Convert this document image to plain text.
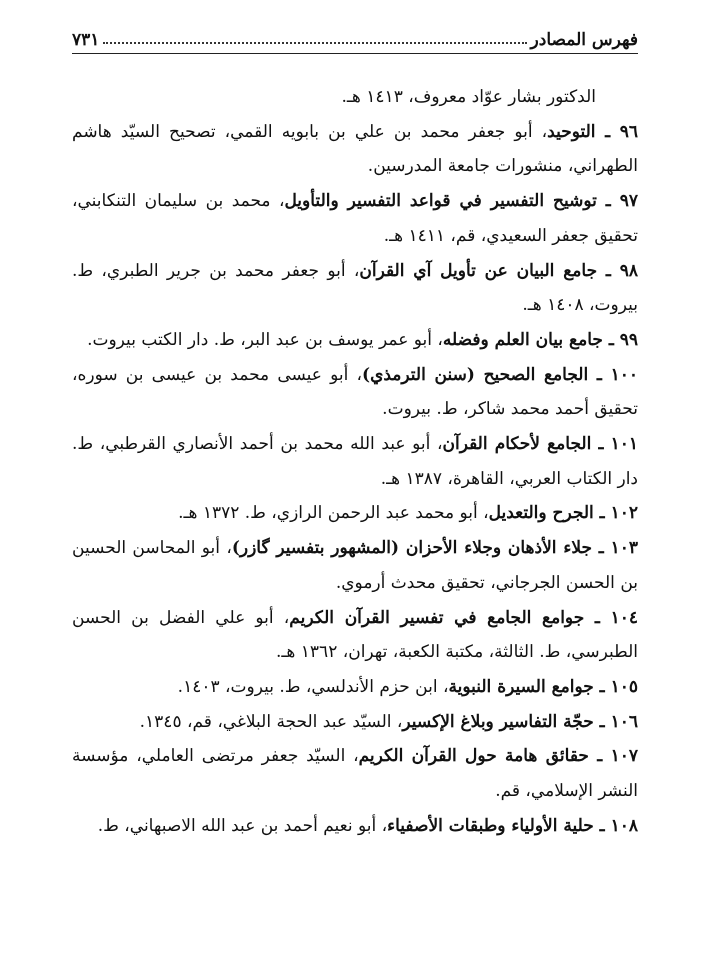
فهرس المصادر
٧٣١

الدكتور بشار عوّاد معروف، ١٤١٣ هـ.

٩٦ ـ التوحيد، أبو جعفر محمد بن علي بن بابويه القمي، تصحيح السيّد هاشم الطهراني، منشورات جامعة المدرسين.

٩٧ ـ توشيح التفسير في قواعد التفسير والتأويل، محمد بن سليمان التنكابني، تحقيق جعفر السعيدي، قم، ١٤١١ هـ.

٩٨ ـ جامع البيان عن تأويل آي القرآن، أبو جعفر محمد بن جرير الطبري، ط. بيروت، ١٤٠٨ هـ.

٩٩ ـ جامع بيان العلم وفضله، أبو عمر يوسف بن عبد البر، ط. دار الكتب بيروت.

١٠٠ ـ الجامع الصحيح (سنن الترمذي)، أبو عيسى محمد بن عيسى بن سوره، تحقيق أحمد محمد شاكر، ط. بيروت.

١٠١ ـ الجامع لأحكام القرآن، أبو عبد الله محمد بن أحمد الأنصاري القرطبي، ط. دار الكتاب العربي، القاهرة، ١٣٨٧ هـ.

١٠٢ ـ الجرح والتعديل، أبو محمد عبد الرحمن الرازي، ط. ١٣٧٢ هـ.

١٠٣ ـ جلاء الأذهان وجلاء الأحزان (المشهور بتفسير گازر)، أبو المحاسن الحسين بن الحسن الجرجاني، تحقيق محدث أرموي.

١٠٤ ـ جوامع الجامع في تفسير القرآن الكريم، أبو علي الفضل بن الحسن الطبرسي، ط. الثالثة، مكتبة الكعبة، تهران، ١٣٦٢ هـ.

١٠٥ ـ جوامع السيرة النبوية، ابن حزم الأندلسي، ط. بيروت، ١٤٠٣.

١٠٦ ـ حجّة التفاسير وبلاغ الإكسير، السيّد عبد الحجة البلاغي، قم، ١٣٤٥.

١٠٧ ـ حقائق هامة حول القرآن الكريم، السيّد جعفر مرتضى العاملي، مؤسسة النشر الإسلامي، قم.

١٠٨ ـ حلية الأولياء وطبقات الأصفياء، أبو نعيم أحمد بن عبد الله الاصبهاني، ط.
